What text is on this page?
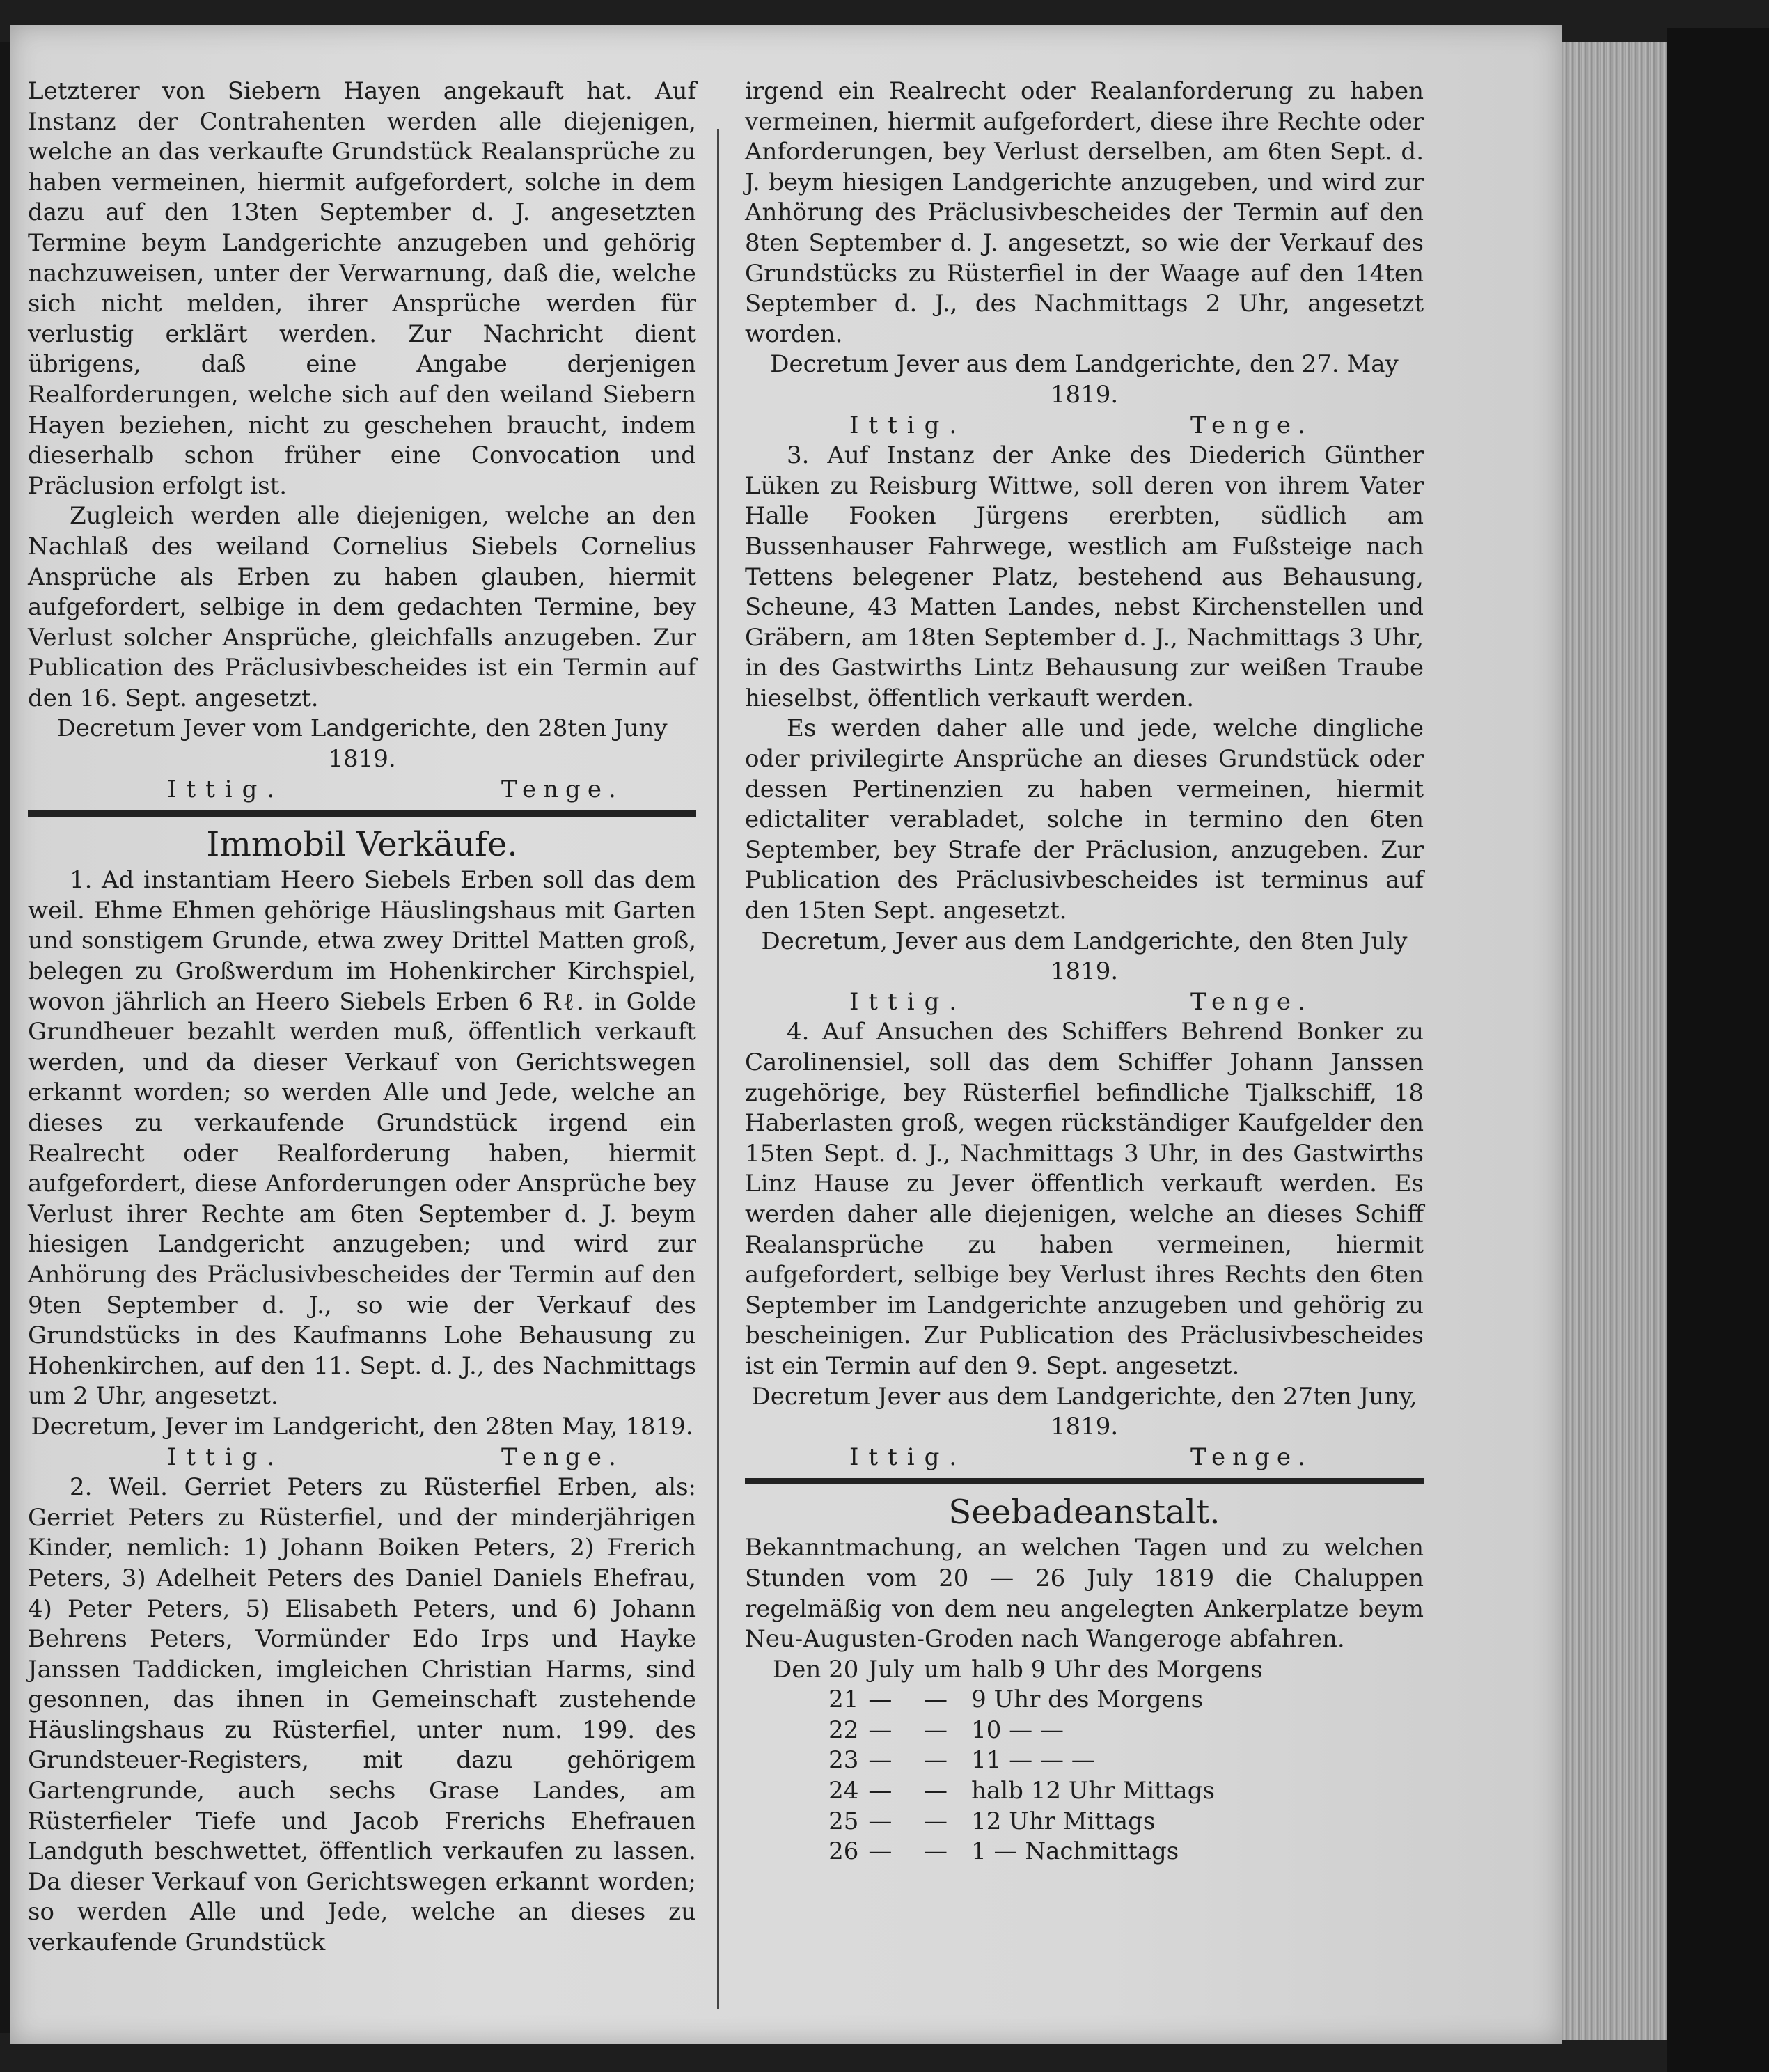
Letzterer von Siebern Hayen angekauft hat. Auf Instanz der Contrahenten werden alle diejenigen, welche an das verkaufte Grundstück Realansprüche zu haben vermeinen, hiermit aufgefordert, solche in dem dazu auf den 13ten September d. J. angesetzten Termine beym Landgerichte anzugeben und gehörig nachzuweisen, unter der Verwarnung, daß die, welche sich nicht melden, ihrer Ansprüche werden für verlustig erklärt werden. Zur Nachricht dient übrigens, daß eine Angabe derjenigen Realforderungen, welche sich auf den weiland Siebern Hayen beziehen, nicht zu geschehen braucht, indem dieserhalb schon früher eine Convocation und Präclusion erfolgt ist.

Zugleich werden alle diejenigen, welche an den Nachlaß des weiland Cornelius Siebels Cornelius Ansprüche als Erben zu haben glauben, hiermit aufgefordert, selbige in dem gedachten Termine, bey Verlust solcher Ansprüche, gleichfalls anzugeben. Zur Publication des Präclusivbescheides ist ein Termin auf den 16. Sept. angesetzt.

Decretum Jever vom Landgerichte, den 28ten Juny 1819.

Ittig.	Tenge.

Immobil Verkäufe.

1. Ad instantiam Heero Siebels Erben soll das dem weil. Ehme Ehmen gehörige Häuslingshaus mit Garten und sonstigem Grunde, etwa zwey Drittel Matten groß, belegen zu Großwerdum im Hohenkircher Kirchspiel, wovon jährlich an Heero Siebels Erben 6 Rℓ. in Golde Grundheuer bezahlt werden muß, öffentlich verkauft werden, und da dieser Verkauf von Gerichtswegen erkannt worden; so werden Alle und Jede, welche an dieses zu verkaufende Grundstück irgend ein Realrecht oder Realforderung haben, hiermit aufgefordert, diese Anforderungen oder Ansprüche bey Verlust ihrer Rechte am 6ten September d. J. beym hiesigen Landgericht anzugeben; und wird zur Anhörung des Präclusivbescheides der Termin auf den 9ten September d. J., so wie der Verkauf des Grundstücks in des Kaufmanns Lohe Behausung zu Hohenkirchen, auf den 11. Sept. d. J., des Nachmittags um 2 Uhr, angesetzt.

Decretum, Jever im Landgericht, den 28ten May, 1819.

Ittig.	Tenge.

2. Weil. Gerriet Peters zu Rüsterfiel Erben, als: Gerriet Peters zu Rüsterfiel, und der minderjährigen Kinder, nemlich: 1) Johann Boiken Peters, 2) Frerich Peters, 3) Adelheit Peters des Daniel Daniels Ehefrau, 4) Peter Peters, 5) Elisabeth Peters, und 6) Johann Behrens Peters, Vormünder Edo Irps und Hayke Janssen Taddicken, imgleichen Christian Harms, sind gesonnen, das ihnen in Gemeinschaft zustehende Häuslingshaus zu Rüsterfiel, unter num. 199. des Grundsteuer-Registers, mit dazu gehörigem Gartengrunde, auch sechs Grase Landes, am Rüsterfieler Tiefe und Jacob Frerichs Ehefrauen Landguth beschwettet, öffentlich verkaufen zu lassen. Da dieser Verkauf von Gerichtswegen erkannt worden; so werden Alle und Jede, welche an dieses zu verkaufende Grundstück

irgend ein Realrecht oder Realanforderung zu haben vermeinen, hiermit aufgefordert, diese ihre Rechte oder Anforderungen, bey Verlust derselben, am 6ten Sept. d. J. beym hiesigen Landgerichte anzugeben, und wird zur Anhörung des Präclusivbescheides der Termin auf den 8ten September d. J. angesetzt, so wie der Verkauf des Grundstücks zu Rüsterfiel in der Waage auf den 14ten September d. J., des Nachmittags 2 Uhr, angesetzt worden.

Decretum Jever aus dem Landgerichte, den 27. May 1819.

Ittig.	Tenge.

3. Auf Instanz der Anke des Diederich Günther Lüken zu Reisburg Wittwe, soll deren von ihrem Vater Halle Fooken Jürgens ererbten, südlich am Bussenhauser Fahrwege, westlich am Fußsteige nach Tettens belegener Platz, bestehend aus Behausung, Scheune, 43 Matten Landes, nebst Kirchenstellen und Gräbern, am 18ten September d. J., Nachmittags 3 Uhr, in des Gastwirths Lintz Behausung zur weißen Traube hieselbst, öffentlich verkauft werden.

Es werden daher alle und jede, welche dingliche oder privilegirte Ansprüche an dieses Grundstück oder dessen Pertinenzien zu haben vermeinen, hiermit edictaliter verabladet, solche in termino den 6ten September, bey Strafe der Präclusion, anzugeben. Zur Publication des Präclusivbescheides ist terminus auf den 15ten Sept. angesetzt.

Decretum, Jever aus dem Landgerichte, den 8ten July 1819.

Ittig.	Tenge.

4. Auf Ansuchen des Schiffers Behrend Bonker zu Carolinensiel, soll das dem Schiffer Johann Janssen zugehörige, bey Rüsterfiel befindliche Tjalkschiff, 18 Haberlasten groß, wegen rückständiger Kaufgelder den 15ten Sept. d. J., Nachmittags 3 Uhr, in des Gastwirths Linz Hause zu Jever öffentlich verkauft werden. Es werden daher alle diejenigen, welche an dieses Schiff Realansprüche zu haben vermeinen, hiermit aufgefordert, selbige bey Verlust ihres Rechts den 6ten September im Landgerichte anzugeben und gehörig zu bescheinigen. Zur Publication des Präclusivbescheides ist ein Termin auf den 9. Sept. angesetzt.

Decretum Jever aus dem Landgerichte, den 27ten Juny, 1819.

Ittig.	Tenge.

Seebadeanstalt.

Bekanntmachung, an welchen Tagen und zu welchen Stunden vom 20 — 26 July 1819 die Chaluppen regelmäßig von dem neu angelegten Ankerplatze beym Neu-Augusten-Groden nach Wangeroge abfahren.

Den 20	July	um	halb 9 Uhr des Morgens
21	—	—	9 Uhr des Morgens
22	—	—	10 — —
23	—	—	11 — — —
24	—	—	halb 12 Uhr Mittags
25	—	—	12 Uhr Mittags
26	—	—	1 — Nachmittags
